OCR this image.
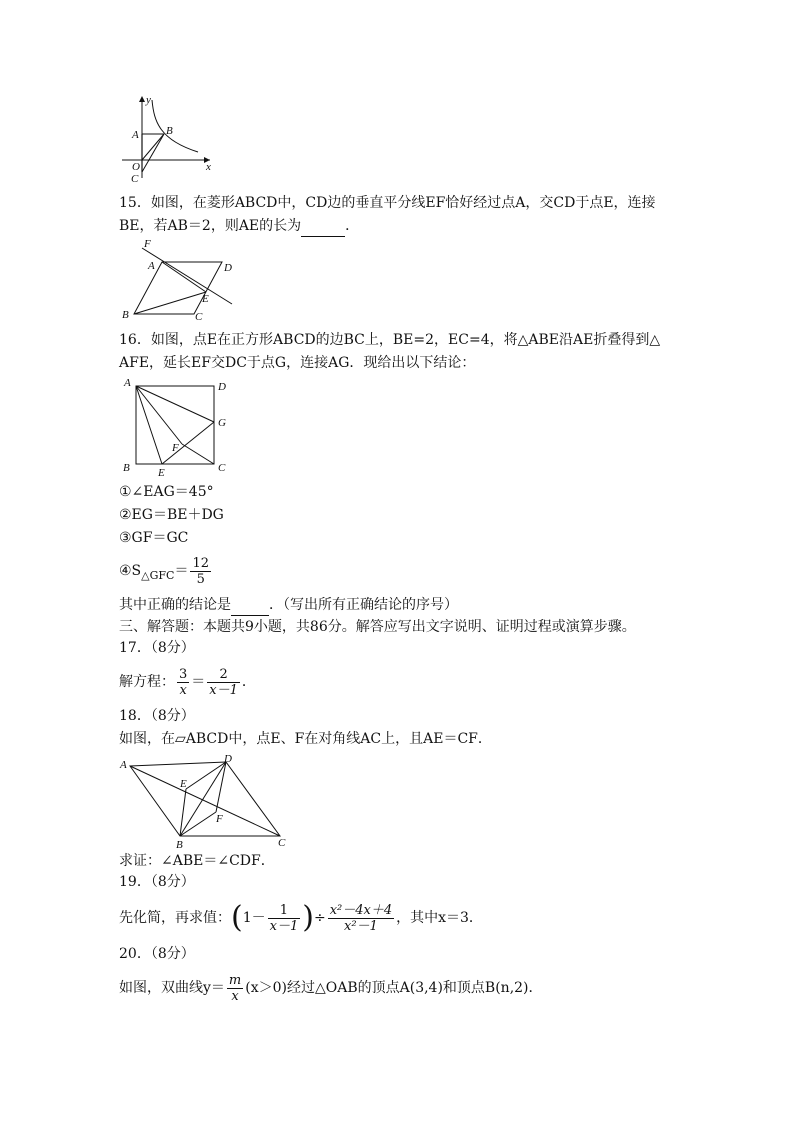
y
x
A B
O
C
15．如图，在菱形ABCD中，CD边的垂直平分线EF恰好经过点A，交CD于点E，连接
BE，若AB＝2，则AE的长为	．
F
A	D
E
B	C
16．如图，点E在正方形ABCD的边BC上，BE=2，EC=4，将△ABE沿AE折叠得到△
AFE，延长EF交DC于点G，连接AG．现给出以下结论：
A	D
G
F
B	E	C
①∠EAG＝45°
②EG＝BE＋DG
③GF＝GC
$④S_{\triangle GFC}= \frac{12}{5}$
其中正确的结论是	．（写出所有正确结论的序号）
三、解答题：本题共9小题，共86分。解答应写出文字说明、证明过程或演算步骤。
17．（8分）
解方程： $\frac{3}{x} = \frac{2}{x-1}$ ．
18．（8分）
如图，在▱ABCD中，点E、F在对角线AC上，且AE＝CF．
A	D
E
F
B	C
求证：∠ABE＝∠CDF．
19．（8分）
先化简，再求值：($1- \frac{1}{x-1}$ )÷ $\frac{\text{x²－4x＋4}}{\text{x²－1}}$ ，其中x＝3．
20．（8分）
如图，双曲线$y= \frac{m}{x} (x>0)$经过△OAB的顶点A(3,4)和顶点B(n,2)．
